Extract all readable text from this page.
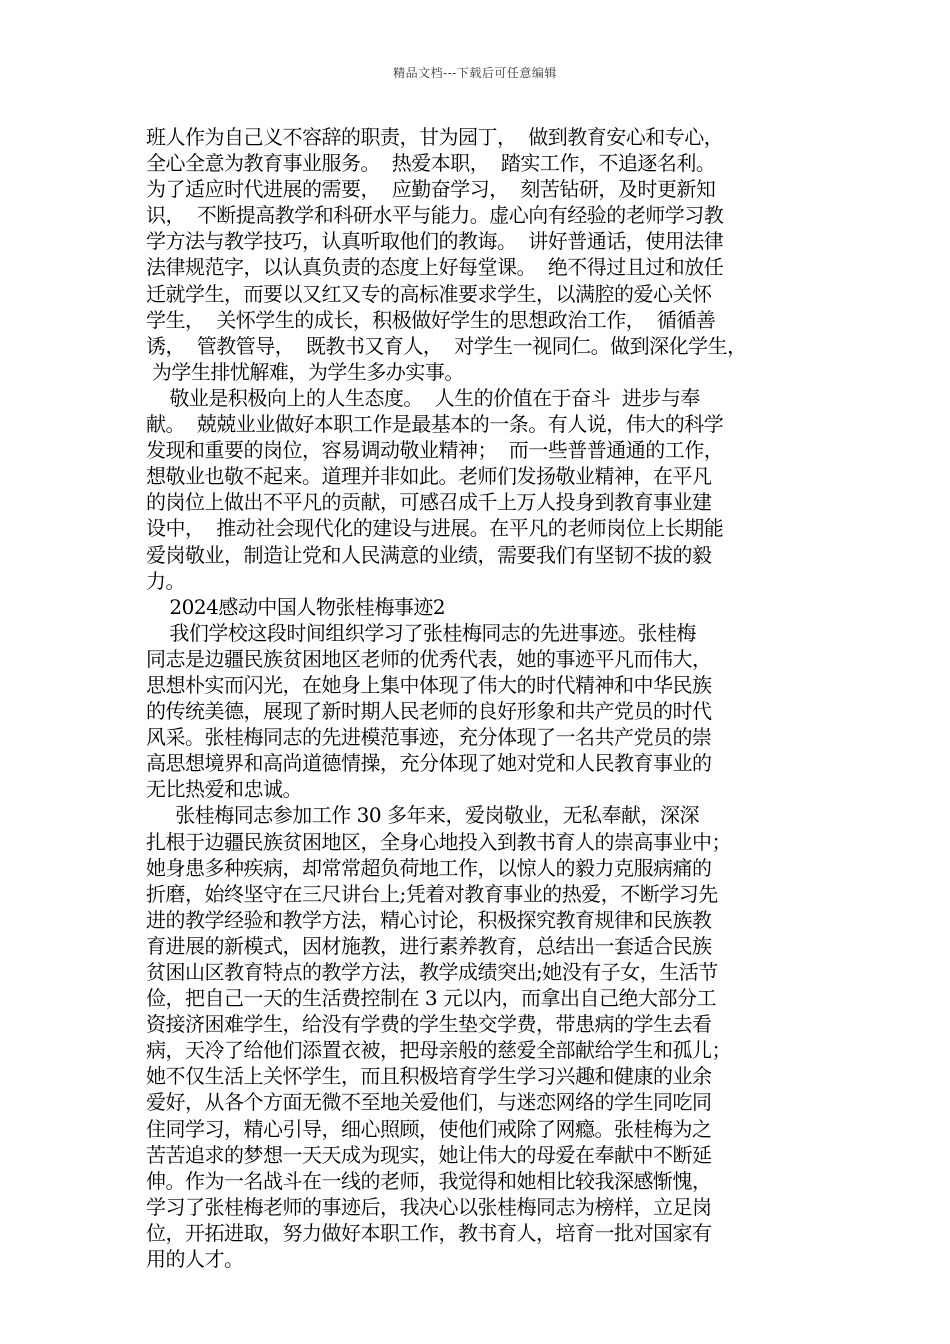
精品文档---下载后可任意编辑
班人作为自己义不容辞的职责，甘为园丁，  做到教育安心和专心，
全心全意为教育事业服务。  热爱本职，  踏实工作，不追逐名利。
为了适应时代进展的需要，  应勤奋学习，  刻苦钻研，及时更新知
识，  不断提高教学和科研水平与能力。虚心向有经验的老师学习教
学方法与教学技巧，认真听取他们的教诲。  讲好普通话，使用法律
法律规范字，以认真负责的态度上好每堂课。  绝不得过且过和放任
迁就学生，而要以又红又专的高标准要求学生，以满腔的爱心关怀
学生，  关怀学生的成长，积极做好学生的思想政治工作，  循循善
诱，  管教管导，  既教书又育人，  对学生一视同仁。做到深化学生，
为学生排忧解难，为学生多办实事。
敬业是积极向上的人生态度。  人生的价值在于奋斗  进步与奉
献。  兢兢业业做好本职工作是最基本的一条。有人说，伟大的科学
发现和重要的岗位，容易调动敬业精神；  而一些普普通通的工作，
想敬业也敬不起来。道理并非如此。老师们发扬敬业精神，在平凡
的岗位上做出不平凡的贡献，可感召成千上万人投身到教育事业建
设中，  推动社会现代化的建设与进展。在平凡的老师岗位上长期能
爱岗敬业，制造让党和人民满意的业绩，需要我们有坚韧不拔的毅
力。
2024感动中国人物张桂梅事迹2
我们学校这段时间组织学习了张桂梅同志的先进事迹。张桂梅
同志是边疆民族贫困地区老师的优秀代表，她的事迹平凡而伟大，
思想朴实而闪光，在她身上集中体现了伟大的时代精神和中华民族
的传统美德，展现了新时期人民老师的良好形象和共产党员的时代
风采。张桂梅同志的先进模范事迹，充分体现了一名共产党员的崇
高思想境界和高尚道德情操，充分体现了她对党和人民教育事业的
无比热爱和忠诚。
张桂梅同志参加工作 30 多年来，爱岗敬业，无私奉献，深深
扎根于边疆民族贫困地区，全身心地投入到教书育人的崇高事业中；
她身患多种疾病，却常常超负荷地工作，以惊人的毅力克服病痛的
折磨，始终坚守在三尺讲台上;凭着对教育事业的热爱，不断学习先
进的教学经验和教学方法，精心讨论，积极探究教育规律和民族教
育进展的新模式，因材施教，进行素养教育，总结出一套适合民族
贫困山区教育特点的教学方法，教学成绩突出;她没有子女，生活节
俭，把自己一天的生活费控制在 3 元以内，而拿出自己绝大部分工
资接济困难学生，给没有学费的学生垫交学费，带患病的学生去看
病，天冷了给他们添置衣被，把母亲般的慈爱全部献给学生和孤儿；
她不仅生活上关怀学生，而且积极培育学生学习兴趣和健康的业余
爱好，从各个方面无微不至地关爱他们，与迷恋网络的学生同吃同
住同学习，精心引导，细心照顾，使他们戒除了网瘾。张桂梅为之
苦苦追求的梦想一天天成为现实，她让伟大的母爱在奉献中不断延
伸。作为一名战斗在一线的老师，我觉得和她相比较我深感惭愧，
学习了张桂梅老师的事迹后，我决心以张桂梅同志为榜样，立足岗
位，开拓进取，努力做好本职工作，教书育人，培育一批对国家有
用的人才。
